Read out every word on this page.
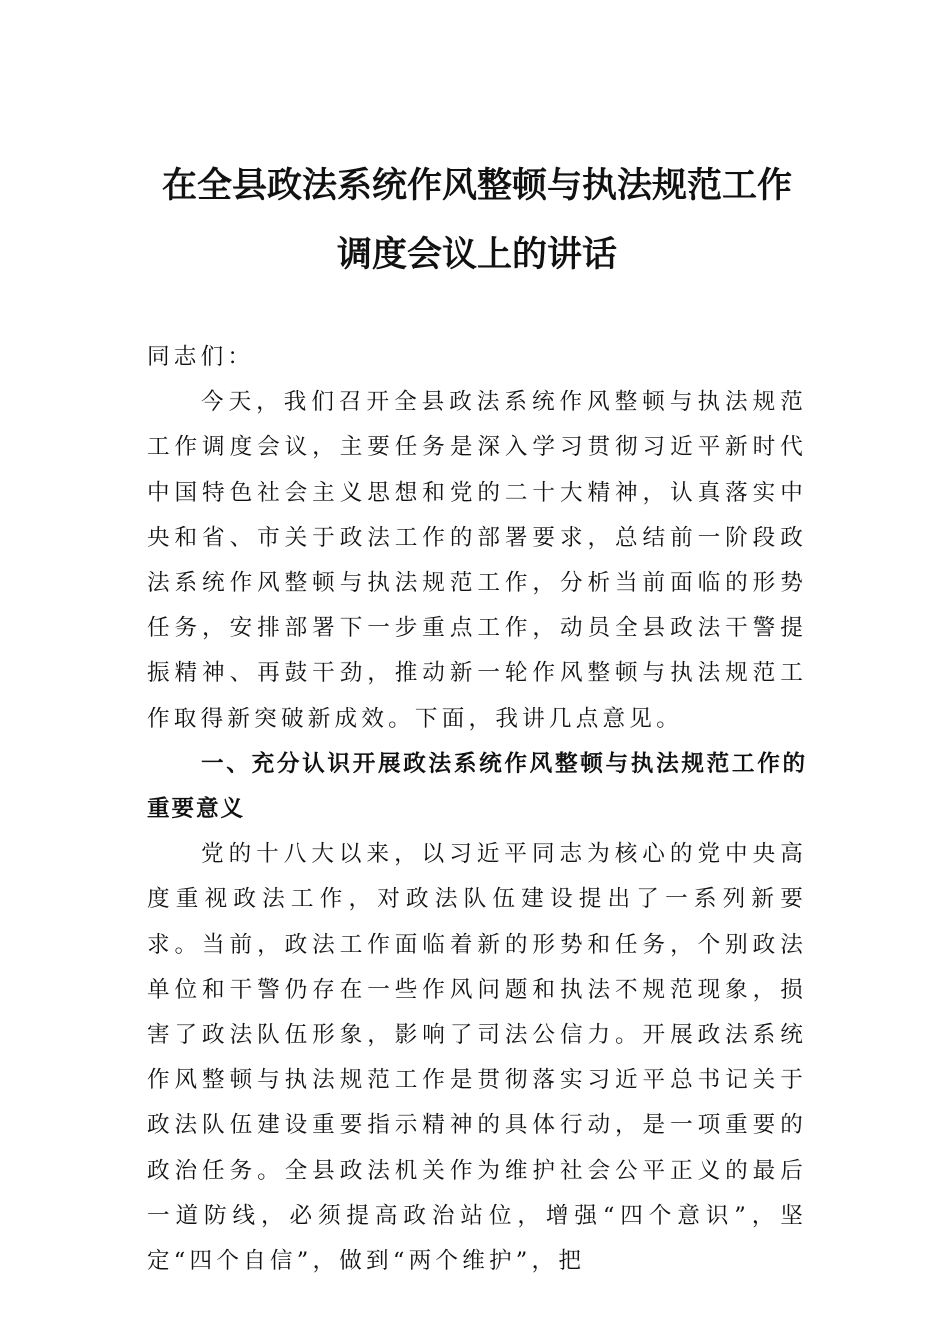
在全县政法系统作风整顿与执法规范工作
调度会议上的讲话

同志们：

今天，我们召开全县政法系统作风整顿与执法规范工作调度会议，主要任务是深入学习贯彻习近平新时代中国特色社会主义思想和党的二十大精神，认真落实中央和省、市关于政法工作的部署要求，总结前一阶段政法系统作风整顿与执法规范工作，分析当前面临的形势任务，安排部署下一步重点工作，动员全县政法干警提振精神、再鼓干劲，推动新一轮作风整顿与执法规范工作取得新突破新成效。下面，我讲几点意见。

一、充分认识开展政法系统作风整顿与执法规范工作的重要意义

党的十八大以来，以习近平同志为核心的党中央高度重视政法工作，对政法队伍建设提出了一系列新要求。当前，政法工作面临着新的形势和任务，个别政法单位和干警仍存在一些作风问题和执法不规范现象，损害了政法队伍形象，影响了司法公信力。开展政法系统作风整顿与执法规范工作是贯彻落实习近平总书记关于政法队伍建设重要指示精神的具体行动，是一项重要的政治任务。全县政法机关作为维护社会公平正义的最后一道防线，必须提高政治站位，增强“四个意识”，坚定“四个自信”，做到“两个维护”，把
